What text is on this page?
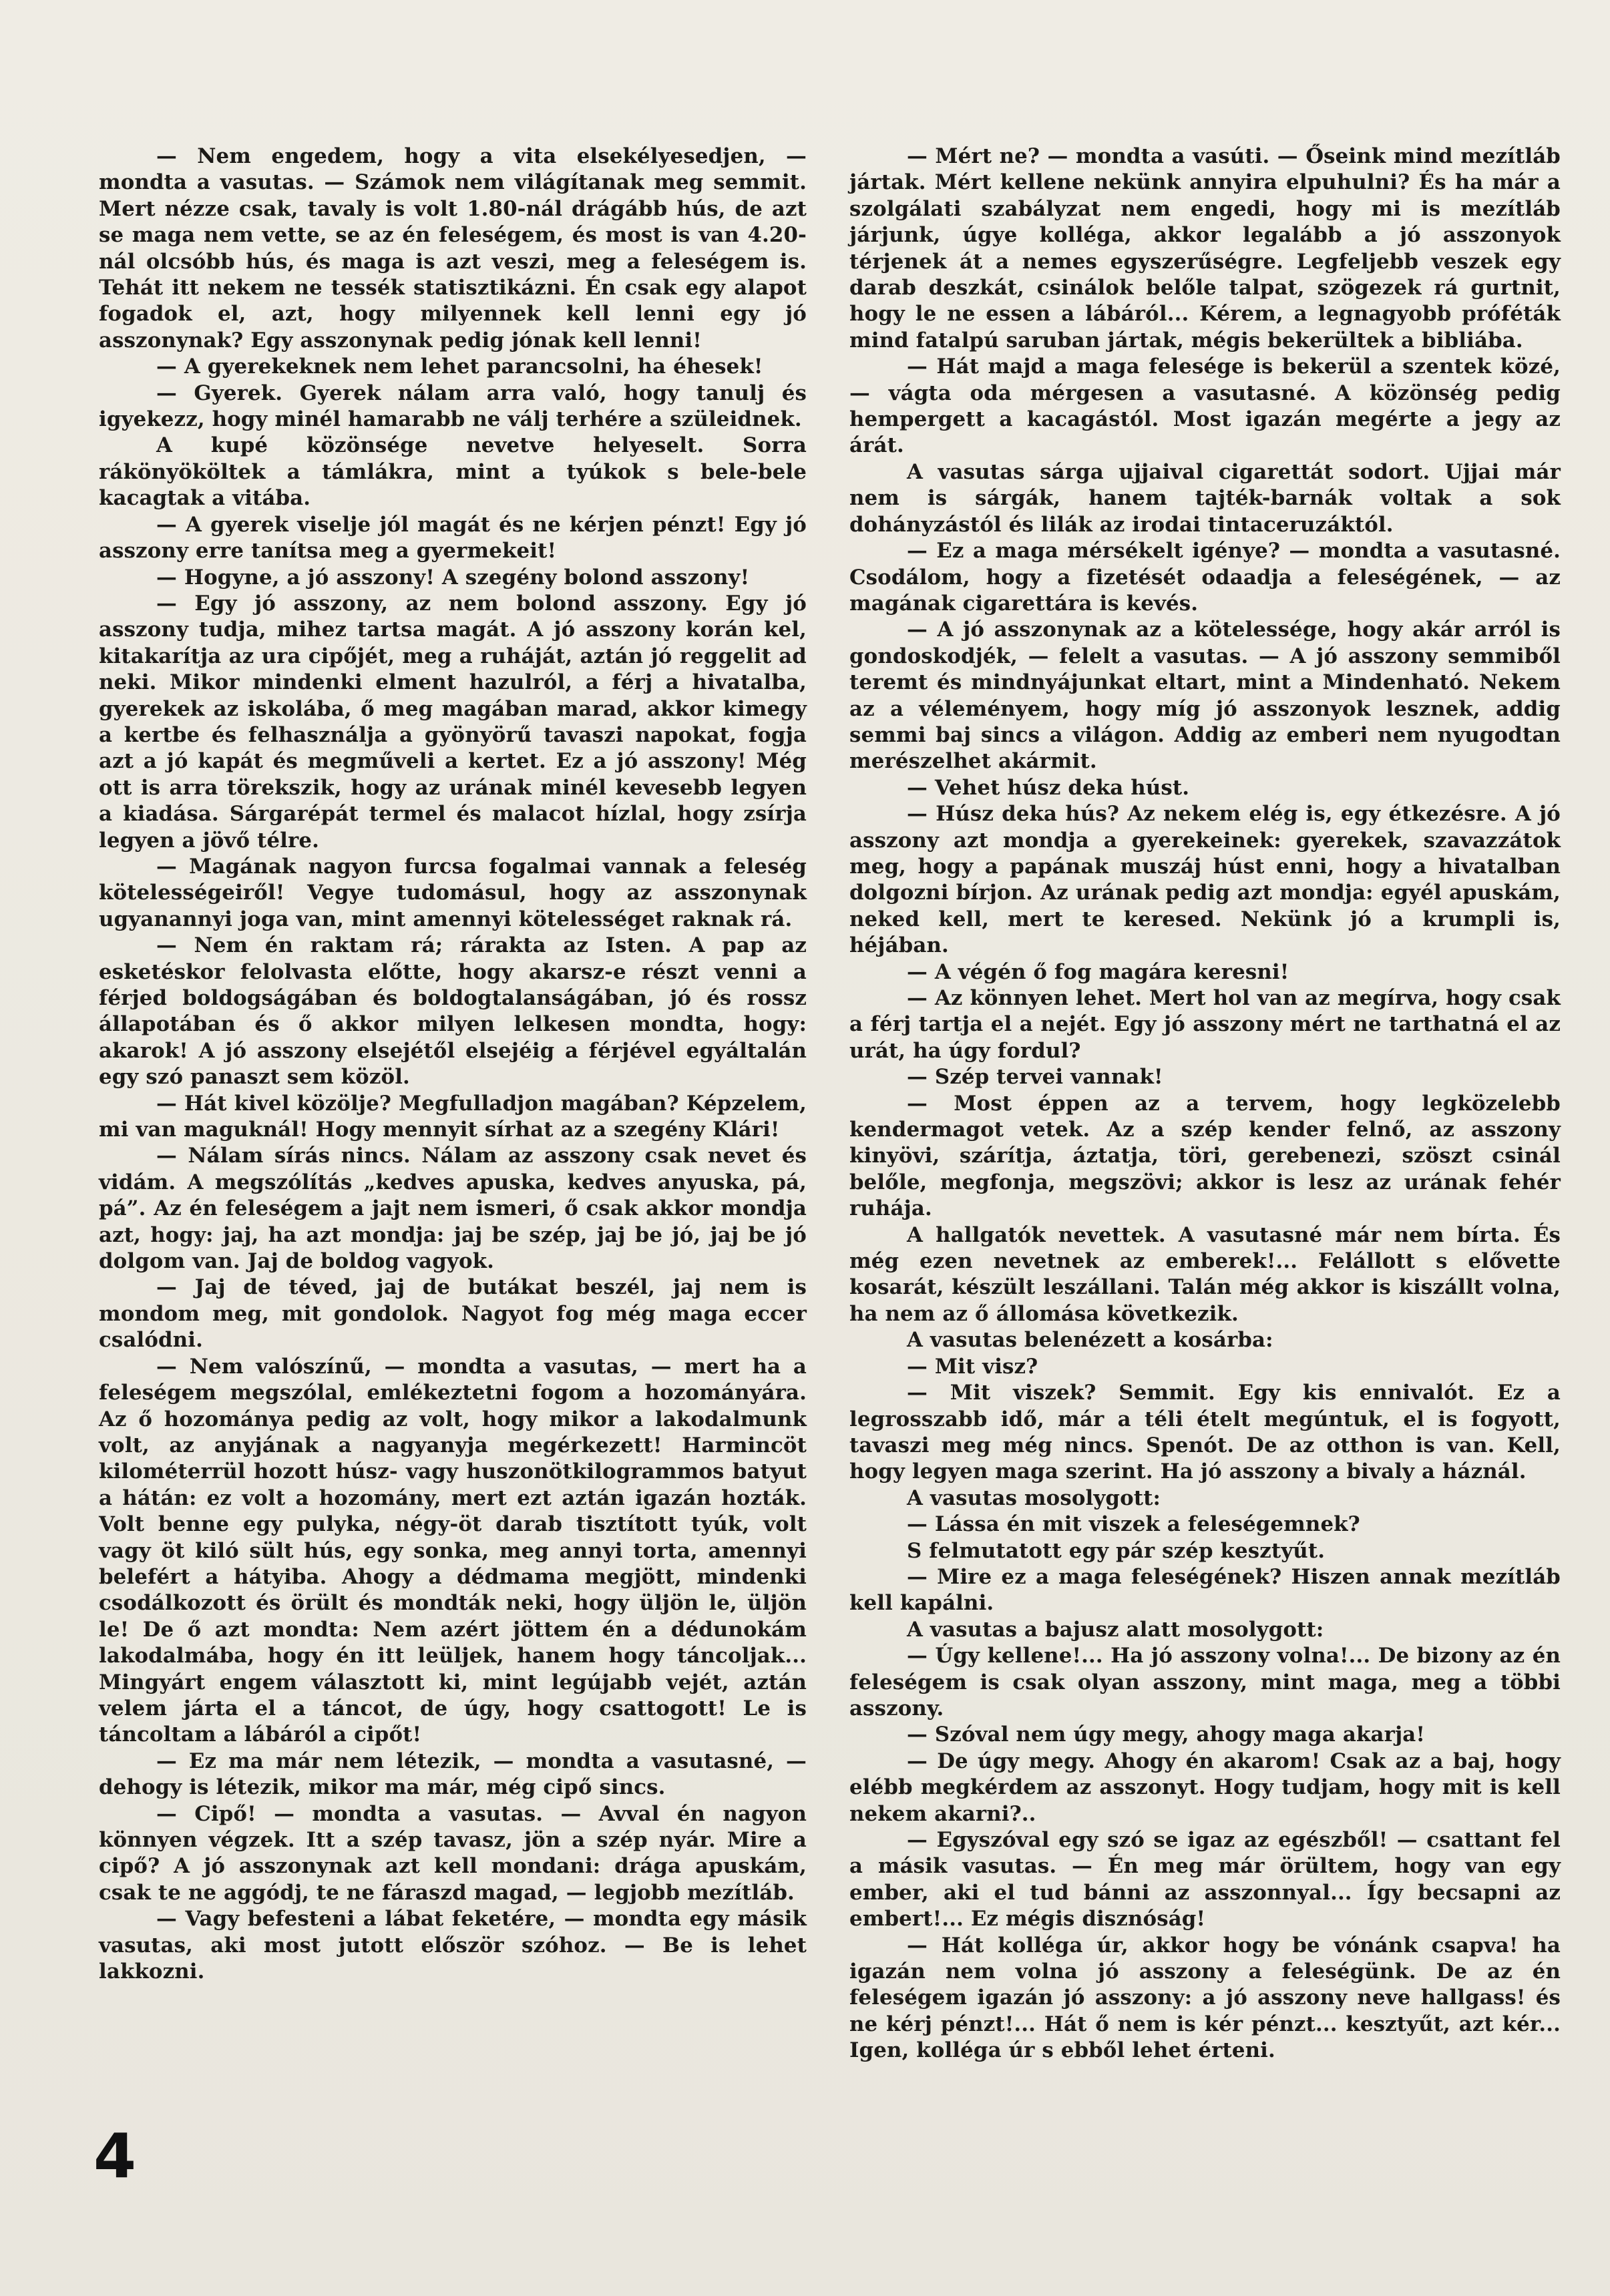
— Nem engedem, hogy a vita elsekélyesedjen, — mondta a vasutas. — Számok nem világítanak meg semmit. Mert nézze csak, tavaly is volt 1.80-nál drágább hús, de azt se maga nem vette, se az én feleségem, és most is van 4.20-nál olcsóbb hús, és maga is azt veszi, meg a feleségem is. Tehát itt nekem ne tessék statisztikázni. Én csak egy alapot fogadok el, azt, hogy milyennek kell lenni egy jó asszonynak? Egy asszonynak pedig jónak kell lenni!

— A gyerekeknek nem lehet parancsolni, ha éhesek!

— Gyerek. Gyerek nálam arra való, hogy tanulj és igyekezz, hogy minél hamarabb ne válj terhére a szüleidnek.

A kupé közönsége nevetve helyeselt. Sorra rákönyököltek a támlákra, mint a tyúkok s bele-bele kacagtak a vitába.

— A gyerek viselje jól magát és ne kérjen pénzt! Egy jó asszony erre tanítsa meg a gyermekeit!

— Hogyne, a jó asszony! A szegény bolond asszony!

— Egy jó asszony, az nem bolond asszony. Egy jó asszony tudja, mihez tartsa magát. A jó asszony korán kel, kitakarítja az ura cipőjét, meg a ruháját, aztán jó reggelit ad neki. Mikor mindenki elment hazulról, a férj a hivatalba, gyerekek az iskolába, ő meg magában marad, akkor kimegy a kertbe és felhasználja a gyönyörű tavaszi napokat, fogja azt a jó kapát és megműveli a kertet. Ez a jó asszony! Még ott is arra törekszik, hogy az urának minél kevesebb legyen a kiadása. Sárgarépát termel és malacot hízlal, hogy zsírja legyen a jövő télre.

— Magának nagyon furcsa fogalmai vannak a feleség kötelességeiről! Vegye tudomásul, hogy az asszonynak ugyanannyi joga van, mint amennyi kötelességet raknak rá.

— Nem én raktam rá; rárakta az Isten. A pap az esketéskor felolvasta előtte, hogy akarsz-e részt venni a férjed boldogságában és boldogtalanságában, jó és rossz állapotában és ő akkor milyen lelkesen mondta, hogy: akarok! A jó asszony elsejétől elsejéig a férjével egyáltalán egy szó panaszt sem közöl.

— Hát kivel közölje? Megfulladjon magában? Képzelem, mi van maguknál! Hogy mennyit sírhat az a szegény Klári!

— Nálam sírás nincs. Nálam az asszony csak nevet és vidám. A megszólítás „kedves apuska, kedves anyuska, pá, pá”. Az én feleségem a jajt nem ismeri, ő csak akkor mondja azt, hogy: jaj, ha azt mondja: jaj be szép, jaj be jó, jaj be jó dolgom van. Jaj de boldog vagyok.

— Jaj de téved, jaj de butákat beszél, jaj nem is mondom meg, mit gondolok. Nagyot fog még maga eccer csalódni.

— Nem valószínű, — mondta a vasutas, — mert ha a feleségem megszólal, emlékeztetni fogom a hozományára. Az ő hozománya pedig az volt, hogy mikor a lakodalmunk volt, az anyjának a nagyanyja megérkezett! Harmincöt kilométerrül hozott húsz- vagy huszonötkilogrammos batyut a hátán: ez volt a hozomány, mert ezt aztán igazán hozták. Volt benne egy pulyka, négy-öt darab tisztított tyúk, volt vagy öt kiló sült hús, egy sonka, meg annyi torta, amennyi belefért a hátyiba. Ahogy a dédmama megjött, mindenki csodálkozott és örült és mondták neki, hogy üljön le, üljön le! De ő azt mondta: Nem azért jöttem én a dédunokám lakodalmába, hogy én itt leüljek, hanem hogy táncoljak... Mingyárt engem választott ki, mint legújabb vejét, aztán velem járta el a táncot, de úgy, hogy csattogott! Le is táncoltam a lábáról a cipőt!

— Ez ma már nem létezik, — mondta a vasutasné, — dehogy is létezik, mikor ma már, még cipő sincs.

— Cipő! — mondta a vasutas. — Avval én nagyon könnyen végzek. Itt a szép tavasz, jön a szép nyár. Mire a cipő? A jó asszonynak azt kell mondani: drága apuskám, csak te ne aggódj, te ne fáraszd magad, — legjobb mezítláb.

— Vagy befesteni a lábat feketére, — mondta egy másik vasutas, aki most jutott először szóhoz. — Be is lehet lakkozni.

— Mért ne? — mondta a vasúti. — Őseink mind mezítláb jártak. Mért kellene nekünk annyira elpuhulni? És ha már a szolgálati szabályzat nem engedi, hogy mi is mezítláb járjunk, úgye kolléga, akkor legalább a jó asszonyok térjenek át a nemes egyszerűségre. Legfeljebb veszek egy darab deszkát, csinálok belőle talpat, szögezek rá gurtnit, hogy le ne essen a lábáról... Kérem, a legnagyobb próféták mind fatalpú saruban jártak, mégis bekerültek a bibliába.

— Hát majd a maga felesége is bekerül a szentek közé, — vágta oda mérgesen a vasutasné. A közönség pedig hempergett a kacagástól. Most igazán megérte a jegy az árát.

A vasutas sárga ujjaival cigarettát sodort. Ujjai már nem is sárgák, hanem tajték-barnák voltak a sok dohányzástól és lilák az irodai tintaceruzáktól.

— Ez a maga mérsékelt igénye? — mondta a vasutasné. Csodálom, hogy a fizetését odaadja a feleségének, — az magának cigarettára is kevés.

— A jó asszonynak az a kötelessége, hogy akár arról is gondoskodjék, — felelt a vasutas. — A jó asszony semmiből teremt és mindnyájunkat eltart, mint a Mindenható. Nekem az a véleményem, hogy míg jó asszonyok lesznek, addig semmi baj sincs a világon. Addig az emberi nem nyugodtan merészelhet akármit.

— Vehet húsz deka húst.

— Húsz deka hús? Az nekem elég is, egy étkezésre. A jó asszony azt mondja a gyerekeinek: gyerekek, szavazzátok meg, hogy a papának muszáj húst enni, hogy a hivatalban dolgozni bírjon. Az urának pedig azt mondja: egyél apuskám, neked kell, mert te keresed. Nekünk jó a krumpli is, héjában.

— A végén ő fog magára keresni!

— Az könnyen lehet. Mert hol van az megírva, hogy csak a férj tartja el a nejét. Egy jó asszony mért ne tarthatná el az urát, ha úgy fordul?

— Szép tervei vannak!

— Most éppen az a tervem, hogy legközelebb kendermagot vetek. Az a szép kender felnő, az asszony kinyövi, szárítja, áztatja, töri, gerebenezi, szöszt csinál belőle, megfonja, megszövi; akkor is lesz az urának fehér ruhája.

A hallgatók nevettek. A vasutasné már nem bírta. És még ezen nevetnek az emberek!... Felállott s elővette kosarát, készült leszállani. Talán még akkor is kiszállt volna, ha nem az ő állomása következik.

A vasutas belenézett a kosárba:

— Mit visz?

— Mit viszek? Semmit. Egy kis ennivalót. Ez a legrosszabb idő, már a téli ételt megúntuk, el is fogyott, tavaszi meg még nincs. Spenót. De az otthon is van. Kell, hogy legyen maga szerint. Ha jó asszony a bivaly a háznál.

A vasutas mosolygott:

— Lássa én mit viszek a feleségemnek?

S felmutatott egy pár szép kesztyűt.

— Mire ez a maga feleségének? Hiszen annak mezítláb kell kapálni.

A vasutas a bajusz alatt mosolygott:

— Úgy kellene!... Ha jó asszony volna!... De bizony az én feleségem is csak olyan asszony, mint maga, meg a többi asszony.

— Szóval nem úgy megy, ahogy maga akarja!

— De úgy megy. Ahogy én akarom! Csak az a baj, hogy elébb megkérdem az asszonyt. Hogy tudjam, hogy mit is kell nekem akarni?..

— Egyszóval egy szó se igaz az egészből! — csattant fel a másik vasutas. — Én meg már örültem, hogy van egy ember, aki el tud bánni az asszonnyal... Így becsapni az embert!... Ez mégis disznóság!

— Hát kolléga úr, akkor hogy be vónánk csapva! ha igazán nem volna jó asszony a feleségünk. De az én feleségem igazán jó asszony: a jó asszony neve hallgass! és ne kérj pénzt!... Hát ő nem is kér pénzt... kesztyűt, azt kér... Igen, kolléga úr s ebből lehet érteni.

4
